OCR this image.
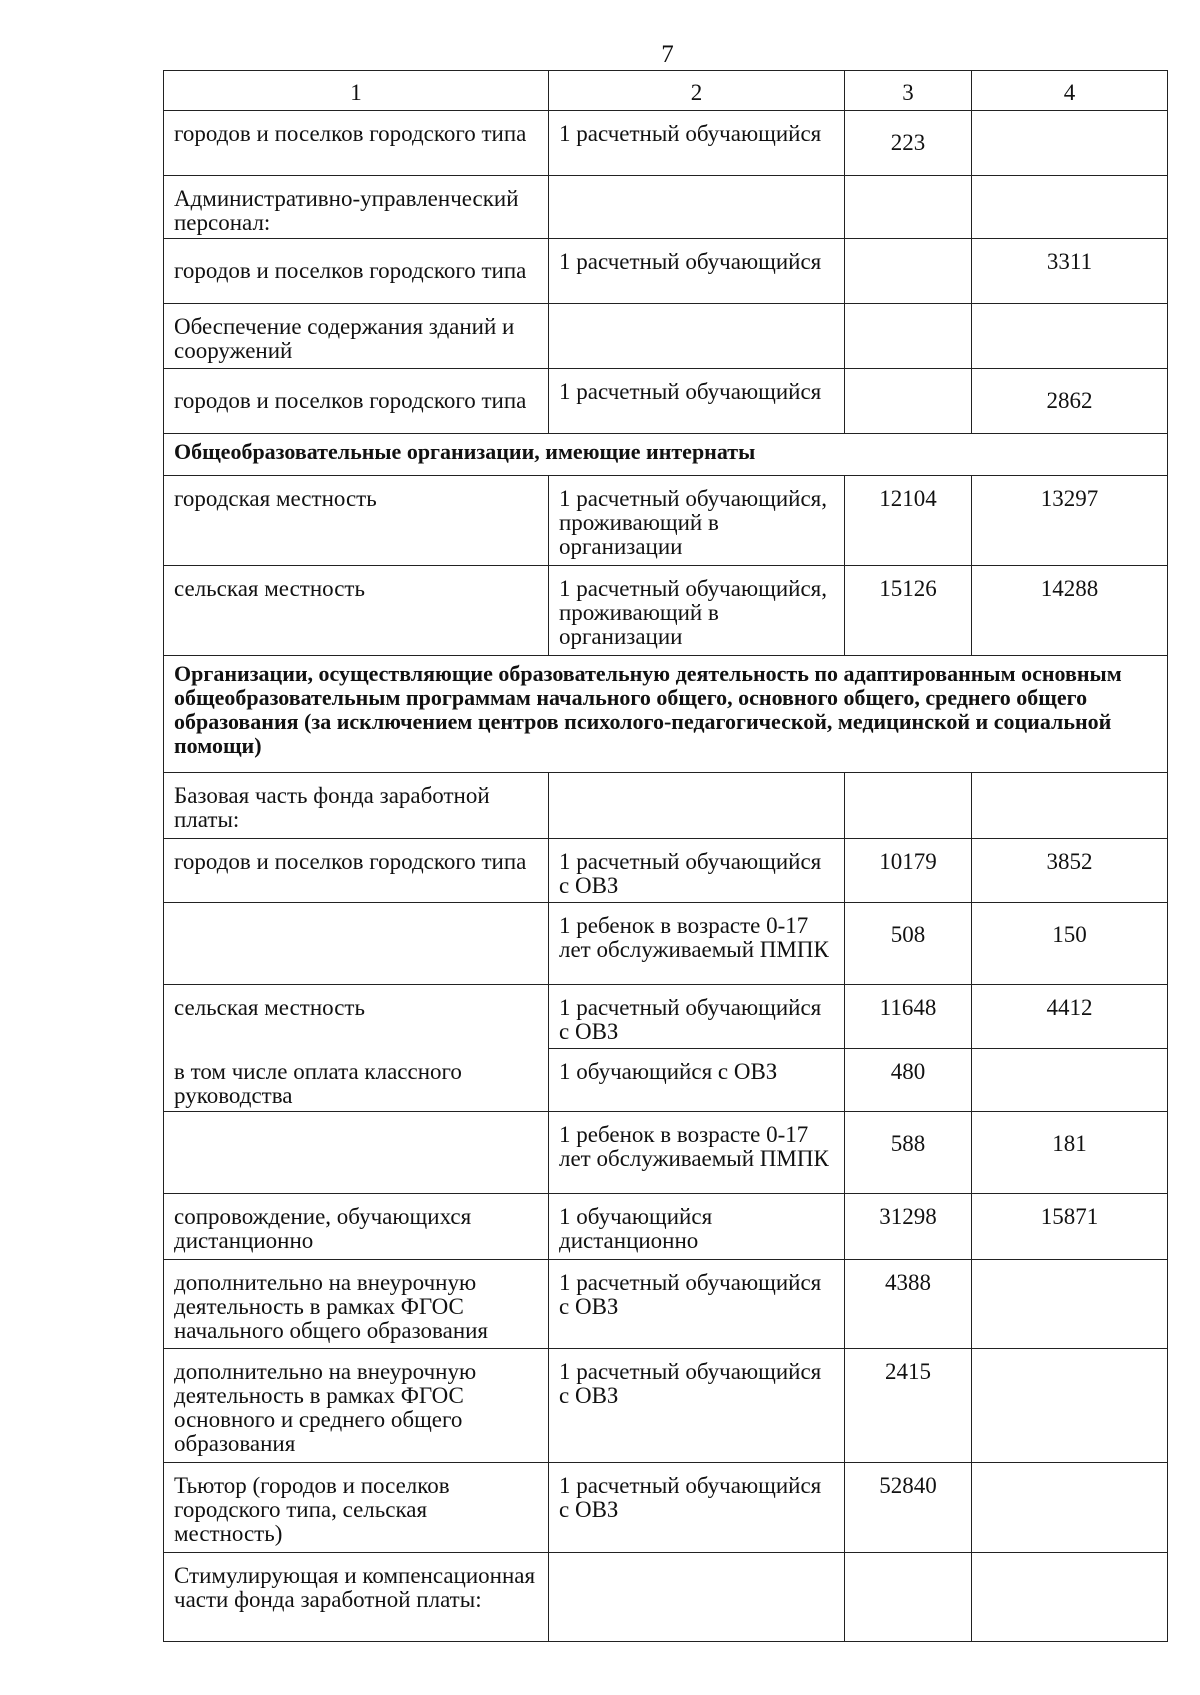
7
1	2	3	4
городов и поселков городского типа	1 расчетный обучающийся	223	
Административно-управленческий персонал:			
городов и поселков городского типа	1 расчетный обучающийся		3311
Обеспечение содержания зданий и сооружений			
городов и поселков городского типа	1 расчетный обучающийся		2862
Общеобразовательные организации, имеющие интернаты			
городская местность	1 расчетный обучающийся, проживающий в организации	12104	13297
сельская местность	1 расчетный обучающийся, проживающий в организации	15126	14288
Организации, осуществляющие образовательную деятельность по адаптированным основным общеобразовательным программам начального общего, основного общего, среднего общего образования (за исключением центров психолого-педагогической, медицинской и социальной помощи)			
Базовая часть фонда заработной платы:			
городов и поселков городского типа	1 расчетный обучающийся с ОВЗ	10179	3852
	1 ребенок в возрасте 0-17 лет обслуживаемый ПМПК	508	150
сельская местность	1 расчетный обучающийся с ОВЗ	11648	4412
в том числе оплата классного руководства	1 обучающийся с ОВЗ	480	
	1 ребенок в возрасте 0-17 лет обслуживаемый ПМПК	588	181
сопровождение, обучающихся дистанционно	1 обучающийся дистанционно	31298	15871
дополнительно на внеурочную деятельность в рамках ФГОС начального общего образования	1 расчетный обучающийся с ОВЗ	4388	
дополнительно на внеурочную деятельность в рамках ФГОС основного и среднего общего образования	1 расчетный обучающийся с ОВЗ	2415	
Тьютор (городов и поселков городского типа, сельская местность)	1 расчетный обучающийся с ОВЗ	52840	
Стимулирующая и компенсационная части фонда заработной платы:			
